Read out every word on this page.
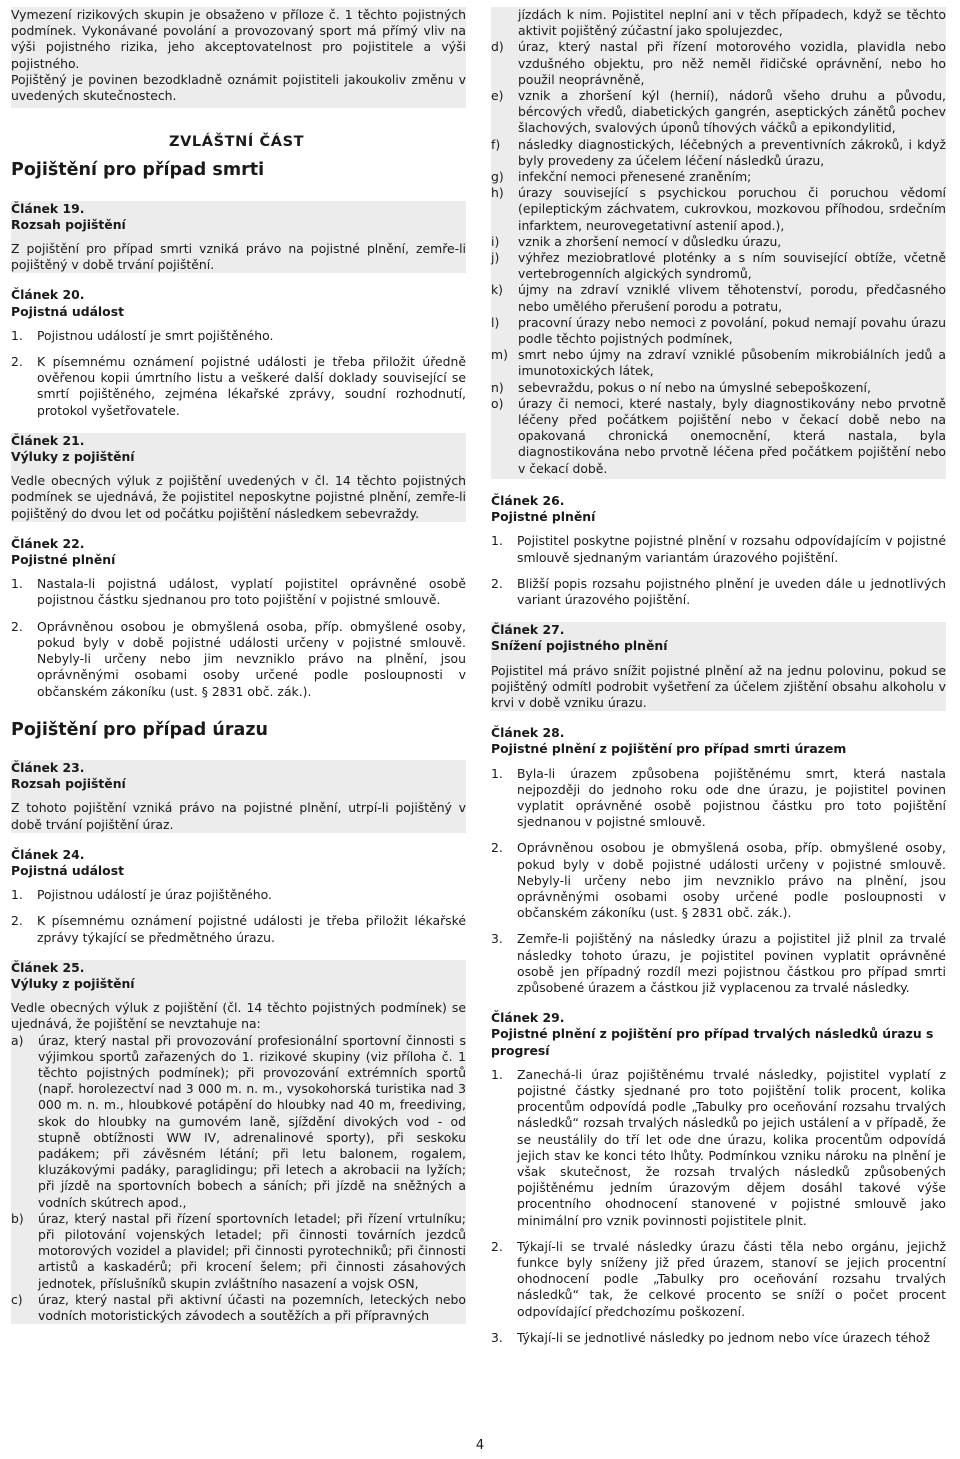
Vymezení rizikových skupin je obsaženo v příloze č. 1 těchto pojistných podmínek. Vykonávané povolání a provozovaný sport má přímý vliv na výši pojistného rizika, jeho akceptovatelnost pro pojistitele a výši pojistného.

Pojištěný je povinen bezodkladně oznámit pojistiteli jakoukoliv změnu v uvedených skutečnostech.

ZVLÁŠTNÍ ČÁST
Pojištění pro případ smrti
Článek 19.
Rozsah pojištění

Z pojištění pro případ smrti vzniká právo na pojistné plnění, zemře-li pojištěný v době trvání pojištění.

Článek 20.
Pojistná událost
1.	Pojistnou událostí je smrt pojištěného.
2.	K písemnému oznámení pojistné události je třeba přiložit úředně ověřenou kopii úmrtního listu a veškeré další doklady související se smrtí pojištěného, zejména lékařské zprávy, soudní rozhodnutí, protokol vyšetřovatele.
Článek 21.
Výluky z pojištění

Vedle obecných výluk z pojištění uvedených v čl. 14 těchto pojistných podmínek se ujednává, že pojistitel neposkytne pojistné plnění, zemře-li pojištěný do dvou let od počátku pojištění následkem sebevraždy.

Článek 22.
Pojistné plnění
1.	Nastala-li pojistná událost, vyplatí pojistitel oprávněné osobě pojistnou částku sjednanou pro toto pojištění v pojistné smlouvě.
2.	Oprávněnou osobou je obmyšlená osoba, příp. obmyšlené osoby, pokud byly v době pojistné události určeny v pojistné smlouvě. Nebyly-li určeny nebo jim nevzniklo právo na plnění, jsou oprávněnými osobami osoby určené podle posloupnosti v občanském zákoníku (ust. § 2831 obč. zák.).
Pojištění pro případ úrazu
Článek 23.
Rozsah pojištění

Z tohoto pojištění vzniká právo na pojistné plnění, utrpí-li pojištěný v době trvání pojištění úraz.

Článek 24.
Pojistná událost
1.	Pojistnou událostí je úraz pojištěného.
2.	K písemnému oznámení pojistné události je třeba přiložit lékařské zprávy týkající se předmětného úrazu.
Článek 25.
Výluky z pojištění

Vedle obecných výluk z pojištění (čl. 14 těchto pojistných podmínek) se ujednává, že pojištění se nevztahuje na:

a)	úraz, který nastal při provozování profesionální sportovní činnosti s výjimkou sportů zařazených do 1. rizikové skupiny (viz příloha č. 1 těchto pojistných podmínek); při provozování extrémních sportů (např. horolezectví nad 3 000 m. n. m., vysokohorská turistika nad 3 000 m. n. m., hloubkové potápění do hloubky nad 40 m, freediving, skok do hloubky na gumovém laně, sjíždění divokých vod - od stupně obtížnosti WW IV, adrenalinové sporty), při seskoku padákem; při závěsném létání; při letu balonem, rogalem, kluzákovými padáky, paraglidingu; při letech a akrobacii na lyžích; při jízdě na sportovních bobech a sáních; při jízdě na sněžných a vodních skútrech apod.,
b)	úraz, který nastal při řízení sportovních letadel; při řízení vrtulníku; při pilotování vojenských letadel; při činnosti továrních jezdců motorových vozidel a plavidel; při činnosti pyrotechniků; při činnosti artistů a kaskadérů; při krocení šelem; při činnosti zásahových jednotek, příslušníků skupin zvláštního nasazení a vojsk OSN,
c)	úraz, který nastal při aktivní účasti na pozemních, leteckých nebo vodních motoristických závodech a soutěžích a při přípravných
jízdách k nim. Pojistitel neplní ani v těch případech, když se těchto aktivit pojištěný zúčastní jako spolujezdec,
d)	úraz, který nastal při řízení motorového vozidla, plavidla nebo vzdušného objektu, pro něž neměl řidičské oprávnění, nebo ho použil neoprávněně,
e)	vznik a zhoršení kýl (hernií), nádorů všeho druhu a původu, bércových vředů, diabetických gangrén, aseptických zánětů pochev šlachových, svalových úponů tíhových váčků a epikondylitid,
f)	následky diagnostických, léčebných a preventivních zákroků, i když byly provedeny za účelem léčení následků úrazu,
g)	infekční nemoci přenesené zraněním;
h)	úrazy související s psychickou poruchou či poruchou vědomí (epileptickým záchvatem, cukrovkou, mozkovou příhodou, srdečním infarktem, neurovegetativní astenií apod.),
i)	vznik a zhoršení nemocí v důsledku úrazu,
j)	výhřez meziobratlové ploténky a s ním související obtíže, včetně vertebrogenních algických syndromů,
k)	újmy na zdraví vzniklé vlivem těhotenství, porodu, předčasného nebo umělého přerušení porodu a potratu,
l)	pracovní úrazy nebo nemoci z povolání, pokud nemají povahu úrazu podle těchto pojistných podmínek,
m) smrt nebo újmy na zdraví vzniklé působením mikrobiálních jedů a imunotoxických látek,
n)	sebevraždu, pokus o ní nebo na úmyslné sebepoškození,
o)	úrazy či nemoci, které nastaly, byly diagnostikovány nebo prvotně léčeny před počátkem pojištění nebo v čekací době nebo na opakovaná chronická onemocnění, která nastala, byla diagnostikována nebo prvotně léčena před počátkem pojištění nebo v čekací době.
Článek 26.
Pojistné plnění
1.	Pojistitel poskytne pojistné plnění v rozsahu odpovídajícím v pojistné smlouvě sjednaným variantám úrazového pojištění.
2.	Bližší popis rozsahu pojistného plnění je uveden dále u jednotlivých variant úrazového pojištění.
Článek 27.
Snížení pojistného plnění

Pojistitel má právo snížit pojistné plnění až na jednu polovinu, pokud se pojištěný odmítl podrobit vyšetření za účelem zjištění obsahu alkoholu v krvi v době vzniku úrazu.

Článek 28.
Pojistné plnění z pojištění pro případ smrti úrazem
1.	Byla-li úrazem způsobena pojištěnému smrt, která nastala nejpozději do jednoho roku ode dne úrazu, je pojistitel povinen vyplatit oprávněné osobě pojistnou částku pro toto pojištění sjednanou v pojistné smlouvě.
2.	Oprávněnou osobou je obmyšlená osoba, příp. obmyšlené osoby, pokud byly v době pojistné události určeny v pojistné smlouvě. Nebyly-li určeny nebo jim nevzniklo právo na plnění, jsou oprávněnými osobami osoby určené podle posloupnosti v občanském zákoníku (ust. § 2831 obč. zák.).
3.	Zemře-li pojištěný na následky úrazu a pojistitel již plnil za trvalé následky tohoto úrazu, je pojistitel povinen vyplatit oprávněné osobě jen případný rozdíl mezi pojistnou částkou pro případ smrti způsobené úrazem a částkou již vyplacenou za trvalé následky.
Článek 29.
Pojistné plnění z pojištění pro případ trvalých následků úrazu s progresí
1.	Zanechá-li úraz pojištěnému trvalé následky, pojistitel vyplatí z pojistné částky sjednané pro toto pojištění tolik procent, kolika procentům odpovídá podle „Tabulky pro oceňování rozsahu trvalých následků“ rozsah trvalých následků po jejich ustálení a v případě, že se neustálily do tří let ode dne úrazu, kolika procentům odpovídá jejich stav ke konci této lhůty. Podmínkou vzniku nároku na plnění je však skutečnost, že rozsah trvalých následků způsobených pojištěnému jedním úrazovým dějem dosáhl takové výše procentního ohodnocení stanovené v pojistné smlouvě jako minimální pro vznik povinnosti pojistitele plnit.
2.	Týkají-li se trvalé následky úrazu části těla nebo orgánu, jejichž funkce byly sníženy již před úrazem, stanoví se jejich procentní ohodnocení podle „Tabulky pro oceňování rozsahu trvalých následků“ tak, že celkové procento se sníží o počet procent odpovídající předchozímu poškození.
3.	Týkají-li se jednotlivé následky po jednom nebo více úrazech téhož
4
